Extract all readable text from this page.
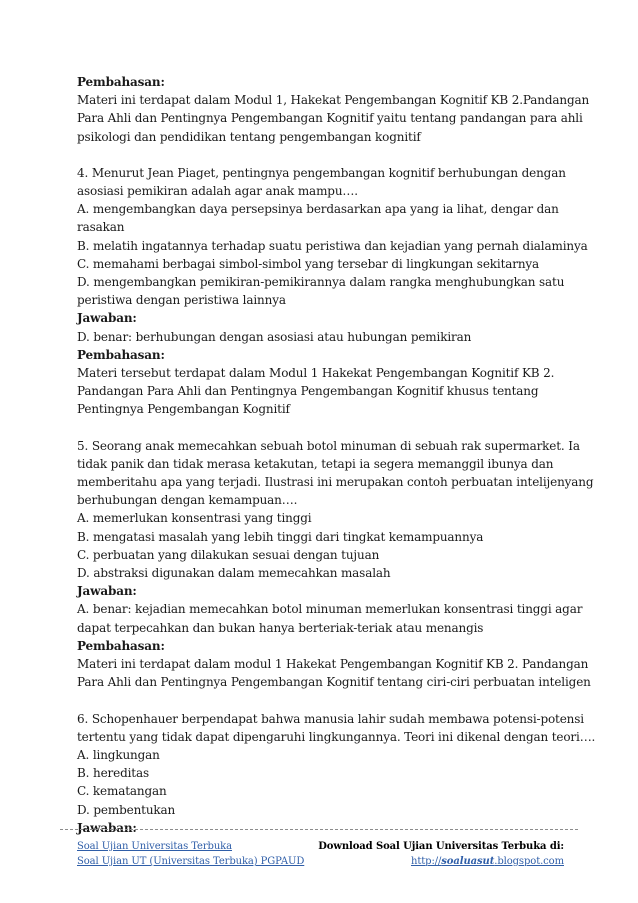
Pembahasan:
Materi ini terdapat dalam Modul 1, Hakekat Pengembangan Kognitif KB 2.Pandangan
Para Ahli dan Pentingnya Pengembangan Kognitif yaitu tentang pandangan para ahli
psikologi dan pendidikan tentang pengembangan kognitif
4. Menurut Jean Piaget, pentingnya pengembangan kognitif berhubungan dengan
asosiasi pemikiran adalah agar anak mampu….
A. mengembangkan daya persepsinya berdasarkan apa yang ia lihat, dengar dan
rasakan
B. melatih ingatannya terhadap suatu peristiwa dan kejadian yang pernah dialaminya
C. memahami berbagai simbol-simbol yang tersebar di lingkungan sekitarnya
D. mengembangkan pemikiran-pemikirannya dalam rangka menghubungkan satu
peristiwa dengan peristiwa lainnya
Jawaban:
D. benar: berhubungan dengan asosiasi atau hubungan pemikiran
Pembahasan:
Materi tersebut terdapat dalam Modul 1 Hakekat Pengembangan Kognitif KB 2.
Pandangan Para Ahli dan Pentingnya Pengembangan Kognitif khusus tentang
Pentingnya Pengembangan Kognitif
5. Seorang anak memecahkan sebuah botol minuman di sebuah rak supermarket. Ia
tidak panik dan tidak merasa ketakutan, tetapi ia segera memanggil ibunya dan
memberitahu apa yang terjadi. Ilustrasi ini merupakan contoh perbuatan intelijenyang
berhubungan dengan kemampuan….
A. memerlukan konsentrasi yang tinggi
B. mengatasi masalah yang lebih tinggi dari tingkat kemampuannya
C. perbuatan yang dilakukan sesuai dengan tujuan
D. abstraksi digunakan dalam memecahkan masalah
Jawaban:
A. benar: kejadian memecahkan botol minuman memerlukan konsentrasi tinggi agar
dapat terpecahkan dan bukan hanya berteriak-teriak atau menangis
Pembahasan:
Materi ini terdapat dalam modul 1 Hakekat Pengembangan Kognitif KB 2. Pandangan
Para Ahli dan Pentingnya Pengembangan Kognitif tentang ciri-ciri perbuatan inteligen
6. Schopenhauer berpendapat bahwa manusia lahir sudah membawa potensi-potensi
tertentu yang tidak dapat dipengaruhi lingkungannya. Teori ini dikenal dengan teori….
A. lingkungan
B. hereditas
C. kematangan
D. pembentukan
Jawaban:
Soal Ujian Universitas Terbuka	Download Soal Ujian Universitas Terbuka di:
Soal Ujian UT (Universitas Terbuka) PGPAUD	http://soaluasut.blogspot.com
